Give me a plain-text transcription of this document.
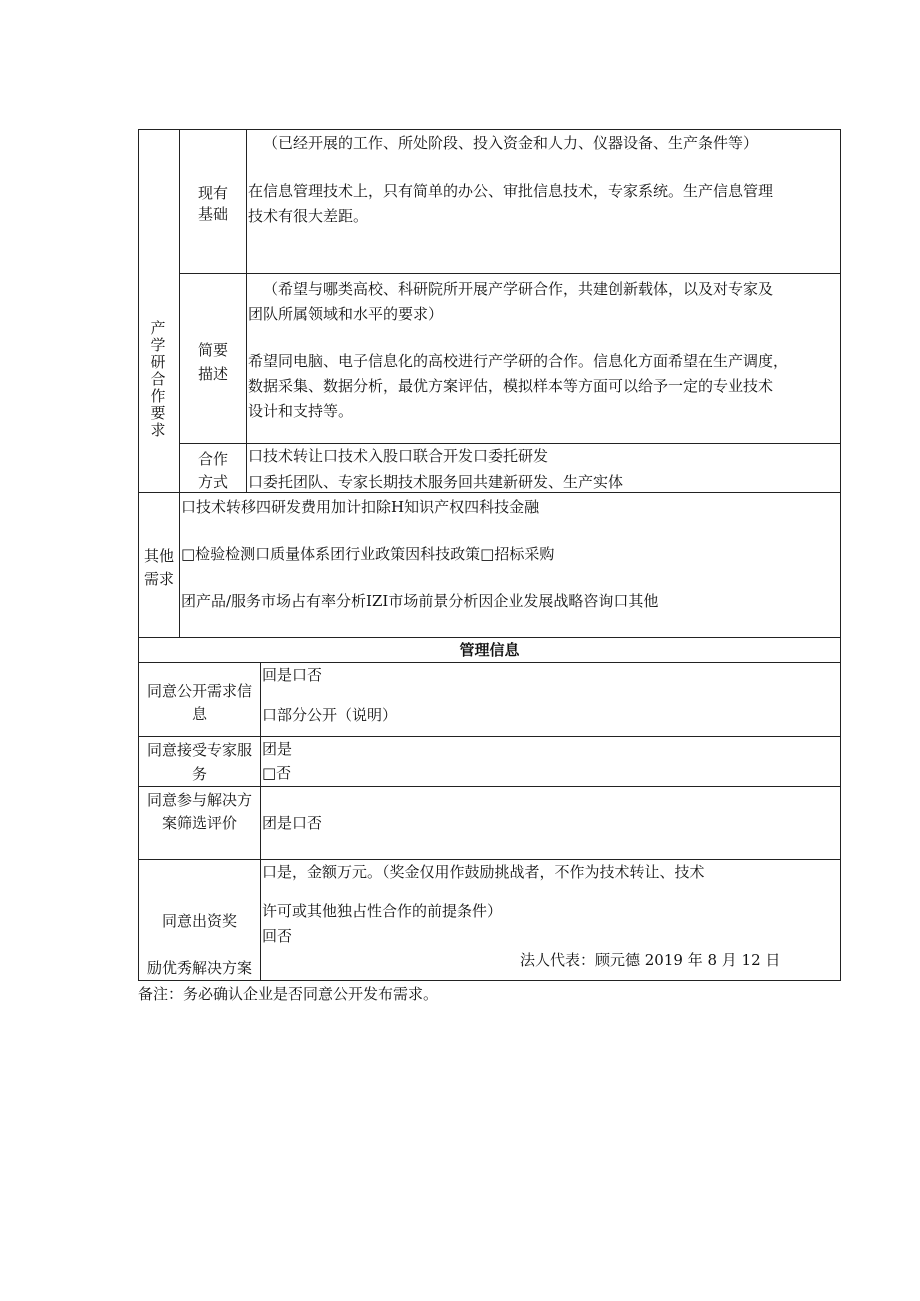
产学研合作要求
现有
基础
（已经开展的工作、所处阶段、投入资金和人力、仪器设备、生产条件等）
在信息管理技术上，只有简单的办公、审批信息技术，专家系统。生产信息管理
技术有很大差距。
简要
描述
（希望与哪类高校、科研院所开展产学研合作，共建创新载体，以及对专家及
团队所属领域和水平的要求）
希望同电脑、电子信息化的高校进行产学研的合作。信息化方面希望在生产调度，
数据采集、数据分析，最优方案评估，模拟样本等方面可以给予一定的专业技术
设计和支持等。
合作
方式
口技术转让口技术入股口联合开发口委托研发
口委托团队、专家长期技术服务回共建新研发、生产实体
其他
需求
口技术转移四研发费用加计扣除H知识产权四科技金融
□检验检测口质量体系团行业政策因科技政策□招标采购
团产品/服务市场占有率分析IZI市场前景分析因企业发展战略咨询口其他
管理信息
同意公开需求信
息
回是口否
口部分公开（说明）
同意接受专家服
务
团是
□否
同意参与解决方
案筛选评价	团是口否
同意出资奖
励优秀解决方案
口是，金额万元。（奖金仅用作鼓励挑战者，不作为技术转让、技术
许可或其他独占性合作的前提条件）
回否
法人代表：顾元德 2019 年 8 月 12 日
备注：务必确认企业是否同意公开发布需求。
